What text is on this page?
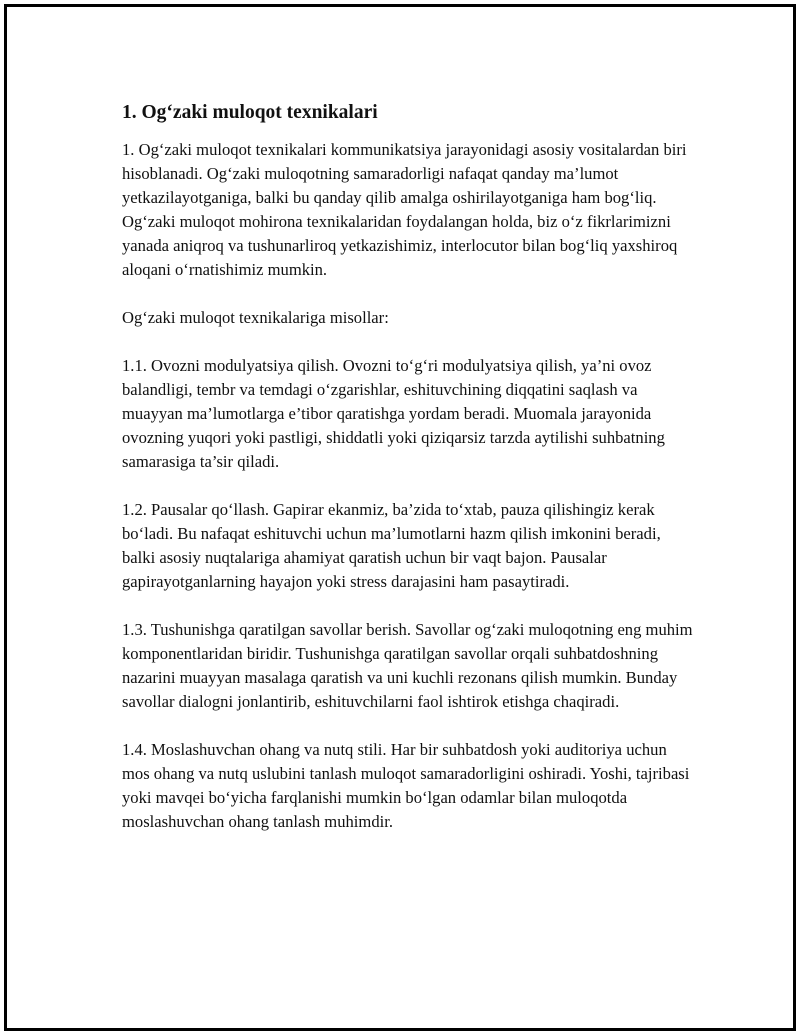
1. Og‘zaki muloqot texnikalari

1. Og‘zaki muloqot texnikalari kommunikatsiya jarayonidagi asosiy vositalardan biri hisoblanadi. Og‘zaki muloqotning samaradorligi nafaqat qanday ma’lumot yetkazilayotganiga, balki bu qanday qilib amalga oshirilayotganiga ham bog‘liq. Og‘zaki muloqot mohirona texnikalaridan foydalangan holda, biz o‘z fikrlarimizni yanada aniqroq va tushunarliroq yetkazishimiz, interlocutor bilan bog‘liq yaxshiroq aloqani o‘rnatishimiz mumkin.

Og‘zaki muloqot texnikalariga misollar:

1.1. Ovozni modulyatsiya qilish. Ovozni to‘g‘ri modulyatsiya qilish, ya’ni ovoz balandligi, tembr va temdagi o‘zgarishlar, eshituvchining diqqatini saqlash va muayyan ma’lumotlarga e’tibor qaratishga yordam beradi. Muomala jarayonida ovozning yuqori yoki pastligi, shiddatli yoki qiziqarsiz tarzda aytilishi suhbatning samarasiga ta’sir qiladi.

1.2. Pausalar qo‘llash. Gapirar ekanmiz, ba’zida to‘xtab, pauza qilishingiz kerak bo‘ladi. Bu nafaqat eshituvchi uchun ma’lumotlarni hazm qilish imkonini beradi, balki asosiy nuqtalariga ahamiyat qaratish uchun bir vaqt bajon. Pausalar gapirayotganlarning hayajon yoki stress darajasini ham pasaytiradi.

1.3. Tushunishga qaratilgan savollar berish. Savollar og‘zaki muloqotning eng muhim komponentlaridan biridir. Tushunishga qaratilgan savollar orqali suhbatdoshning nazarini muayyan masalaga qaratish va uni kuchli rezonans qilish mumkin. Bunday savollar dialogni jonlantirib, eshituvchilarni faol ishtirok etishga chaqiradi.

1.4. Moslashuvchan ohang va nutq stili. Har bir suhbatdosh yoki auditoriya uchun mos ohang va nutq uslubini tanlash muloqot samaradorligini oshiradi. Yoshi, tajribasi yoki mavqei bo‘yicha farqlanishi mumkin bo‘lgan odamlar bilan muloqotda moslashuvchan ohang tanlash muhimdir.
